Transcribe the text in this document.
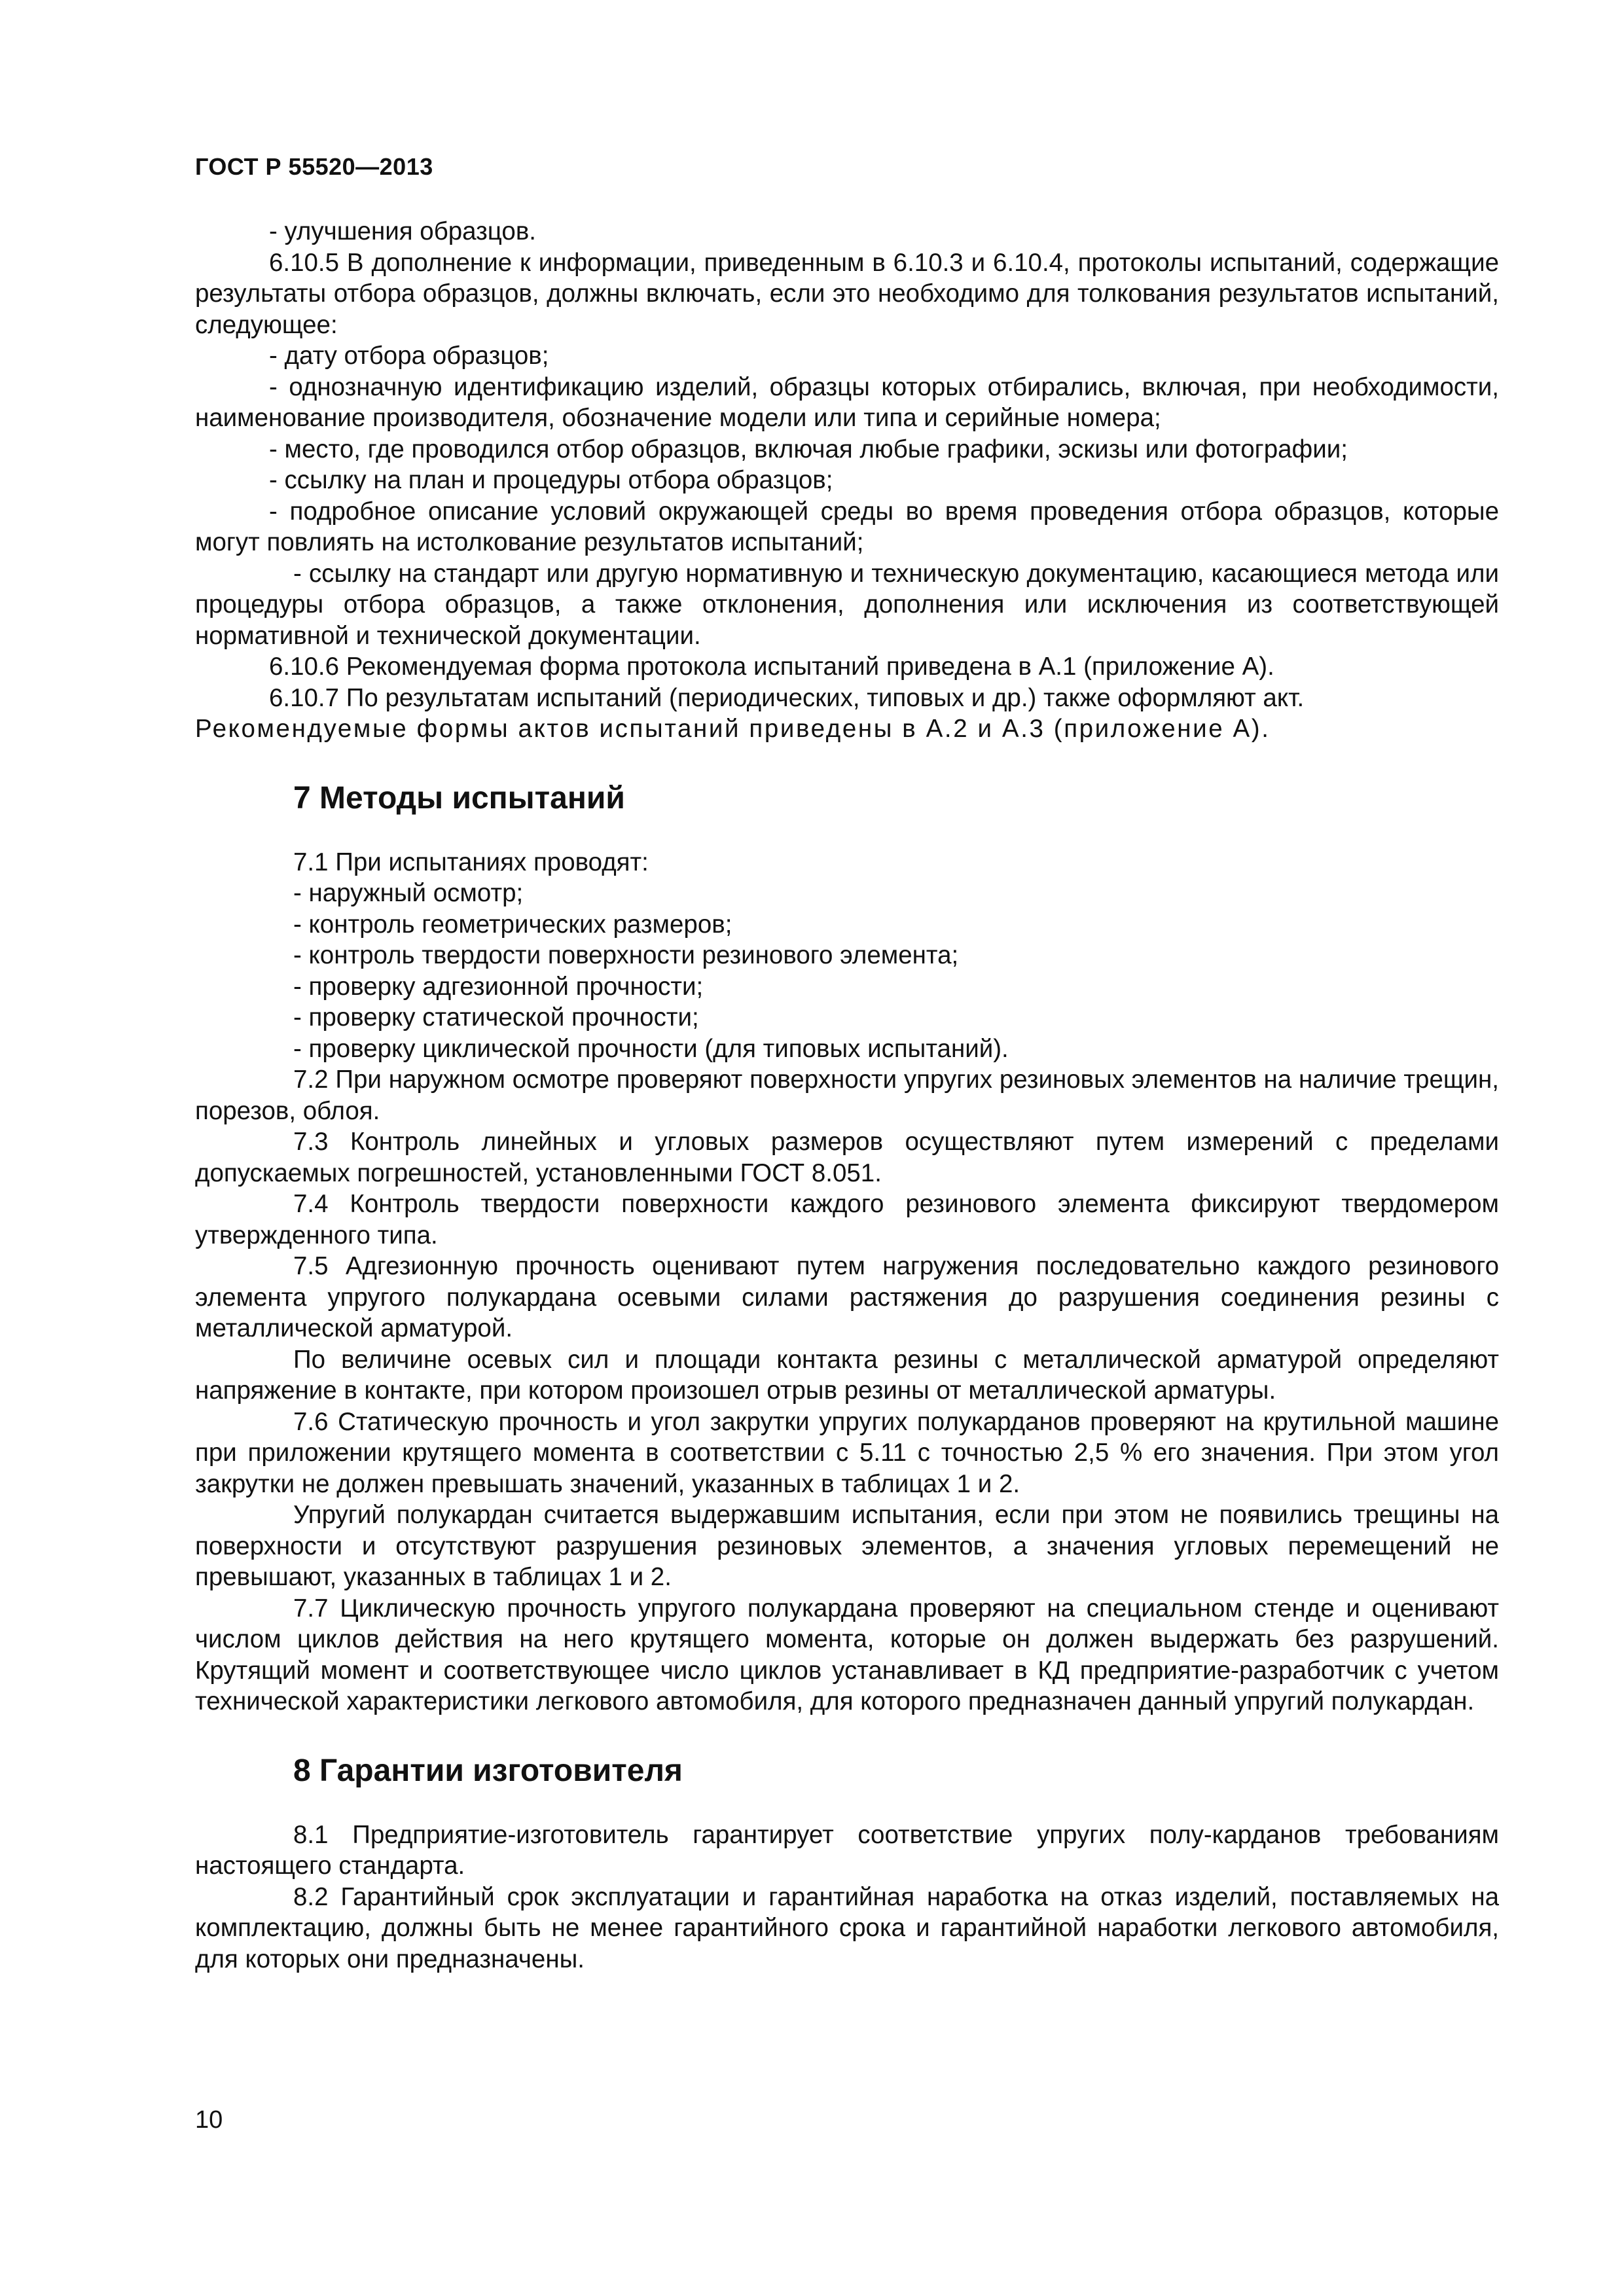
ГОСТ Р 55520—2013

- улучшения образцов.

6.10.5 В дополнение к информации, приведенным в 6.10.3 и 6.10.4, протоколы испытаний, содержащие результаты отбора образцов, должны включать, если это необходимо для толкования результатов испытаний, следующее:

- дату отбора образцов;

- однозначную идентификацию изделий, образцы которых отбирались, включая, при необходимости, наименование производителя, обозначение модели или типа и серийные номера;

- место, где проводился отбор образцов, включая любые графики, эскизы или фотографии;

- ссылку на план и процедуры отбора образцов;

- подробное описание условий окружающей среды во время проведения отбора образцов, которые могут повлиять на истолкование результатов испытаний;

- ссылку на стандарт или другую нормативную и техническую документацию, касающиеся метода или процедуры отбора образцов, а также отклонения, дополнения или исключения из соответствующей нормативной и технической документации.

6.10.6 Рекомендуемая форма протокола испытаний приведена в А.1 (приложение А).

6.10.7 По результатам испытаний (периодических, типовых и др.) также оформляют акт.

Рекомендуемые формы актов испытаний приведены в А.2 и А.3 (приложение А).

7 Методы испытаний

7.1 При испытаниях проводят:

- наружный осмотр;

- контроль геометрических размеров;

- контроль твердости поверхности резинового элемента;

- проверку адгезионной прочности;

- проверку статической прочности;

- проверку циклической прочности (для типовых испытаний).

7.2 При наружном осмотре проверяют поверхности упругих резиновых элементов на наличие трещин, порезов, облоя.

7.3 Контроль линейных и угловых размеров осуществляют путем измерений с пределами допускаемых погрешностей, установленными ГОСТ 8.051.

7.4 Контроль твердости поверхности каждого резинового элемента фиксируют твердомером утвержденного типа.

7.5 Адгезионную прочность оценивают путем нагружения последовательно каждого резинового элемента упругого полукардана осевыми силами растяжения до разрушения соединения резины с металлической арматурой.

По величине осевых сил и площади контакта резины с металлической арматурой определяют напряжение в контакте, при котором произошел отрыв резины от металлической арматуры.

7.6 Статическую прочность и угол закрутки упругих полукарданов проверяют на крутильной машине при приложении крутящего момента в соответствии с 5.11 с точностью 2,5 % его значения. При этом угол закрутки не должен превышать значений, указанных в таблицах 1 и 2.

Упругий полукардан считается выдержавшим испытания, если при этом не появились трещины на поверхности и отсутствуют разрушения резиновых элементов, а значения угловых перемещений не превышают, указанных в таблицах 1 и 2.

7.7 Циклическую прочность упругого полукардана проверяют на специальном стенде и оценивают числом циклов действия на него крутящего момента, которые он должен выдержать без разрушений. Крутящий момент и соответствующее число циклов устанавливает в КД предприятие-разработчик с учетом технической характеристики легкового автомобиля, для которого предназначен данный упругий полукардан.

8 Гарантии изготовителя

8.1 Предприятие-изготовитель гарантирует соответствие упругих полу-карданов требованиям настоящего стандарта.

8.2 Гарантийный срок эксплуатации и гарантийная наработка на отказ изделий, поставляемых на комплектацию, должны быть не менее гарантийного срока и гарантийной наработки легкового автомобиля, для которых они предназначены.

10
